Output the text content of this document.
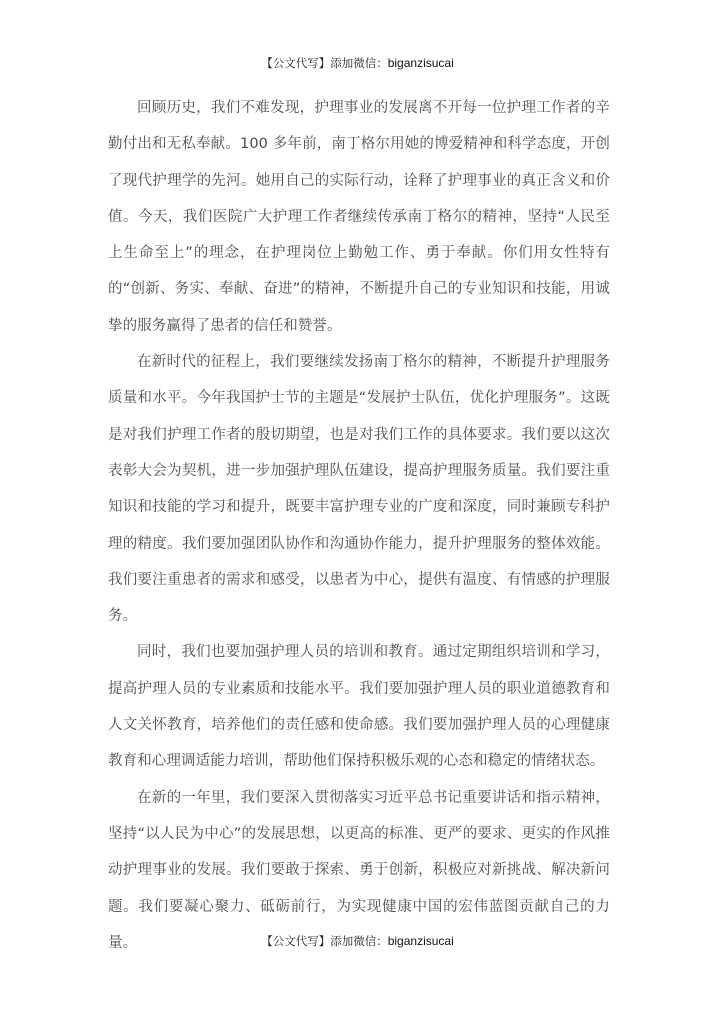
【公文代写】添加微信：biganzisucai

回顾历史，我们不难发现，护理事业的发展离不开每一位护理工作者的辛勤付出和无私奉献。100 多年前，南丁格尔用她的博爱精神和科学态度，开创了现代护理学的先河。她用自己的实际行动，诠释了护理事业的真正含义和价值。今天，我们医院广大护理工作者继续传承南丁格尔的精神，坚持“人民至上生命至上”的理念，在护理岗位上勤勉工作、勇于奉献。你们用女性特有的“创新、务实、奉献、奋进”的精神，不断提升自己的专业知识和技能，用诚挚的服务赢得了患者的信任和赞誉。

在新时代的征程上，我们要继续发扬南丁格尔的精神，不断提升护理服务质量和水平。今年我国护士节的主题是“发展护士队伍，优化护理服务”。这既是对我们护理工作者的殷切期望，也是对我们工作的具体要求。我们要以这次表彰大会为契机，进一步加强护理队伍建设，提高护理服务质量。我们要注重知识和技能的学习和提升，既要丰富护理专业的广度和深度，同时兼顾专科护理的精度。我们要加强团队协作和沟通协作能力，提升护理服务的整体效能。我们要注重患者的需求和感受，以患者为中心，提供有温度、有情感的护理服务。

同时，我们也要加强护理人员的培训和教育。通过定期组织培训和学习，提高护理人员的专业素质和技能水平。我们要加强护理人员的职业道德教育和人文关怀教育，培养他们的责任感和使命感。我们要加强护理人员的心理健康教育和心理调适能力培训，帮助他们保持积极乐观的心态和稳定的情绪状态。

在新的一年里，我们要深入贯彻落实习近平总书记重要讲话和指示精神，坚持“以人民为中心”的发展思想，以更高的标准、更严的要求、更实的作风推动护理事业的发展。我们要敢于探索、勇于创新，积极应对新挑战、解决新问题。我们要凝心聚力、砥砺前行，为实现健康中国的宏伟蓝图贡献自己的力量。	【公文代写】添加微信：biganzisucai
